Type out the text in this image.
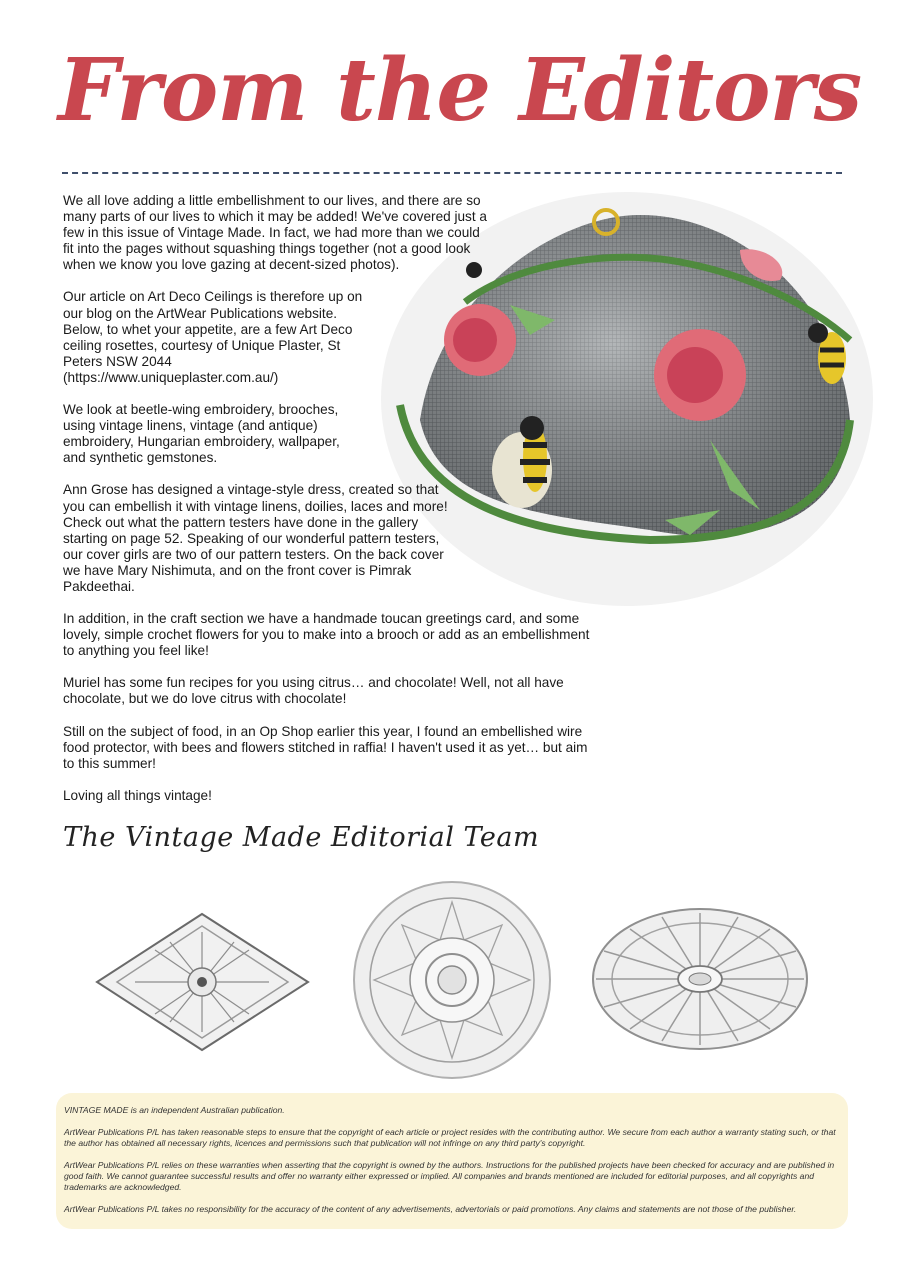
From the Editors

We all love adding a little embellishment to our lives, and there are so many parts of our lives to which it may be added! We've covered just a few in this issue of Vintage Made. In fact, we had more than we could fit into the pages without squashing things together (not a good look when we know you love gazing at decent-sized photos).

Our article on Art Deco Ceilings is therefore up on our blog on the ArtWear Publications website. Below, to whet your appetite, are a few Art Deco ceiling rosettes, courtesy of Unique Plaster, St Peters NSW 2044 (https://www.uniqueplaster.com.au/)

We look at beetle-wing embroidery, brooches, using vintage linens, vintage (and antique) embroidery, Hungarian embroidery, wallpaper, and synthetic gemstones.

Ann Grose has designed a vintage-style dress, created so that you can embellish it with vintage linens, doilies, laces and more! Check out what the pattern testers have done in the gallery starting on page 52. Speaking of our wonderful pattern testers, our cover girls are two of our pattern testers. On the back cover we have Mary Nishimuta, and on the front cover is Pimrak Pakdeethai.

In addition, in the craft section we have a handmade toucan greetings card, and some lovely, simple crochet flowers for you to make into a brooch or add as an embellishment to anything you feel like!

Muriel has some fun recipes for you using citrus… and chocolate! Well, not all have chocolate, but we do love citrus with chocolate!

Still on the subject of food, in an Op Shop earlier this year, I found an embellished wire food protector, with bees and flowers stitched in raffia! I haven't used it as yet… but aim to this summer!

Loving all things vintage!

The Vintage Made Editorial Team

VINTAGE MADE is an independent Australian publication.

ArtWear Publications P/L has taken reasonable steps to ensure that the copyright of each article or project resides with the contributing author. We secure from each author a warranty stating such, or that the author has obtained all necessary rights, licences and permissions such that publication will not infringe on any third party's copyright.

ArtWear Publications P/L relies on these warranties when asserting that the copyright is owned by the authors. Instructions for the published projects have been checked for accuracy and are published in good faith. We cannot guarantee successful results and offer no warranty either expressed or implied. All companies and brands mentioned are included for editorial purposes, and all copyrights and trademarks are acknowledged.

ArtWear Publications P/L takes no responsibility for the accuracy of the content of any advertisements, advertorials or paid promotions. Any claims and statements are not those of the publisher.
